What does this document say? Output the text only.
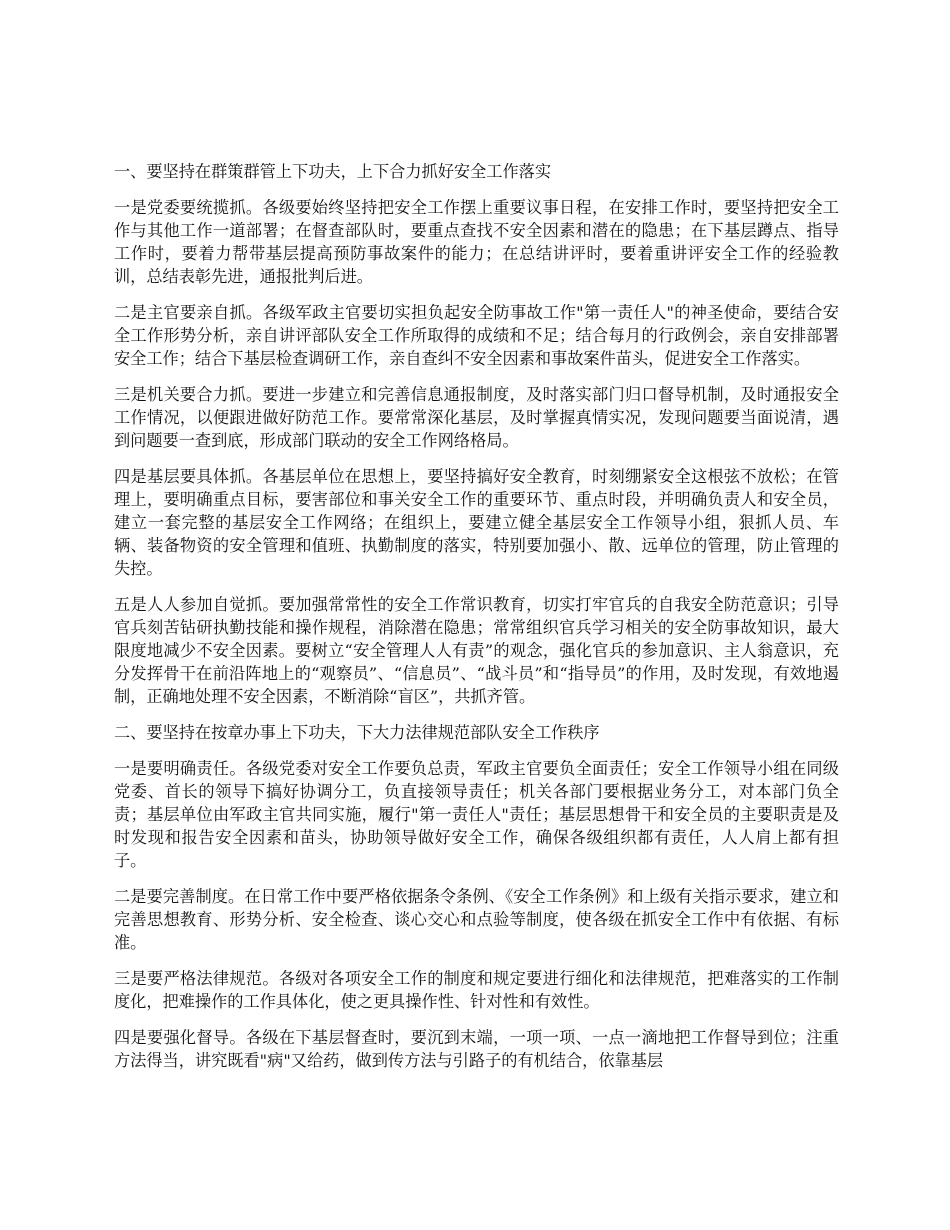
一、要坚持在群策群管上下功夫，上下合力抓好安全工作落实

一是党委要统揽抓。各级要始终坚持把安全工作摆上重要议事日程，在安排工作时，要坚持把安全工作与其他工作一道部署；在督查部队时，要重点查找不安全因素和潜在的隐患；在下基层蹲点、指导工作时，要着力帮带基层提高预防事故案件的能力；在总结讲评时，要着重讲评安全工作的经验教训，总结表彰先进，通报批判后进。

二是主官要亲自抓。各级军政主官要切实担负起安全防事故工作"第一责任人"的神圣使命，要结合安全工作形势分析，亲自讲评部队安全工作所取得的成绩和不足；结合每月的行政例会，亲自安排部署安全工作；结合下基层检查调研工作，亲自查纠不安全因素和事故案件苗头，促进安全工作落实。

三是机关要合力抓。要进一步建立和完善信息通报制度，及时落实部门归口督导机制，及时通报安全工作情况，以便跟进做好防范工作。要常常深化基层，及时掌握真情实况，发现问题要当面说清，遇到问题要一查到底，形成部门联动的安全工作网络格局。

四是基层要具体抓。各基层单位在思想上，要坚持搞好安全教育，时刻绷紧安全这根弦不放松；在管理上，要明确重点目标，要害部位和事关安全工作的重要环节、重点时段，并明确负责人和安全员，建立一套完整的基层安全工作网络；在组织上，要建立健全基层安全工作领导小组，狠抓人员、车辆、装备物资的安全管理和值班、执勤制度的落实，特别要加强小、散、远单位的管理，防止管理的失控。

五是人人参加自觉抓。要加强常常性的安全工作常识教育，切实打牢官兵的自我安全防范意识；引导官兵刻苦钻研执勤技能和操作规程，消除潜在隐患；常常组织官兵学习相关的安全防事故知识，最大限度地减少不安全因素。要树立“安全管理人人有责”的观念，强化官兵的参加意识、主人翁意识，充分发挥骨干在前沿阵地上的“观察员”、“信息员”、“战斗员”和“指导员”的作用，及时发现，有效地遏制，正确地处理不安全因素，不断消除“盲区”，共抓齐管。

二、要坚持在按章办事上下功夫，下大力法律规范部队安全工作秩序

一是要明确责任。各级党委对安全工作要负总责，军政主官要负全面责任；安全工作领导小组在同级党委、首长的领导下搞好协调分工，负直接领导责任；机关各部门要根据业务分工，对本部门负全责；基层单位由军政主官共同实施，履行"第一责任人"责任；基层思想骨干和安全员的主要职责是及时发现和报告安全因素和苗头，协助领导做好安全工作，确保各级组织都有责任，人人肩上都有担子。

二是要完善制度。在日常工作中要严格依据条令条例、《安全工作条例》和上级有关指示要求，建立和完善思想教育、形势分析、安全检查、谈心交心和点验等制度，使各级在抓安全工作中有依据、有标准。

三是要严格法律规范。各级对各项安全工作的制度和规定要进行细化和法律规范，把难落实的工作制度化，把难操作的工作具体化，使之更具操作性、针对性和有效性。

四是要强化督导。各级在下基层督查时，要沉到末端，一项一项、一点一滴地把工作督导到位；注重方法得当，讲究既看"病"又给药，做到传方法与引路子的有机结合，依靠基层
